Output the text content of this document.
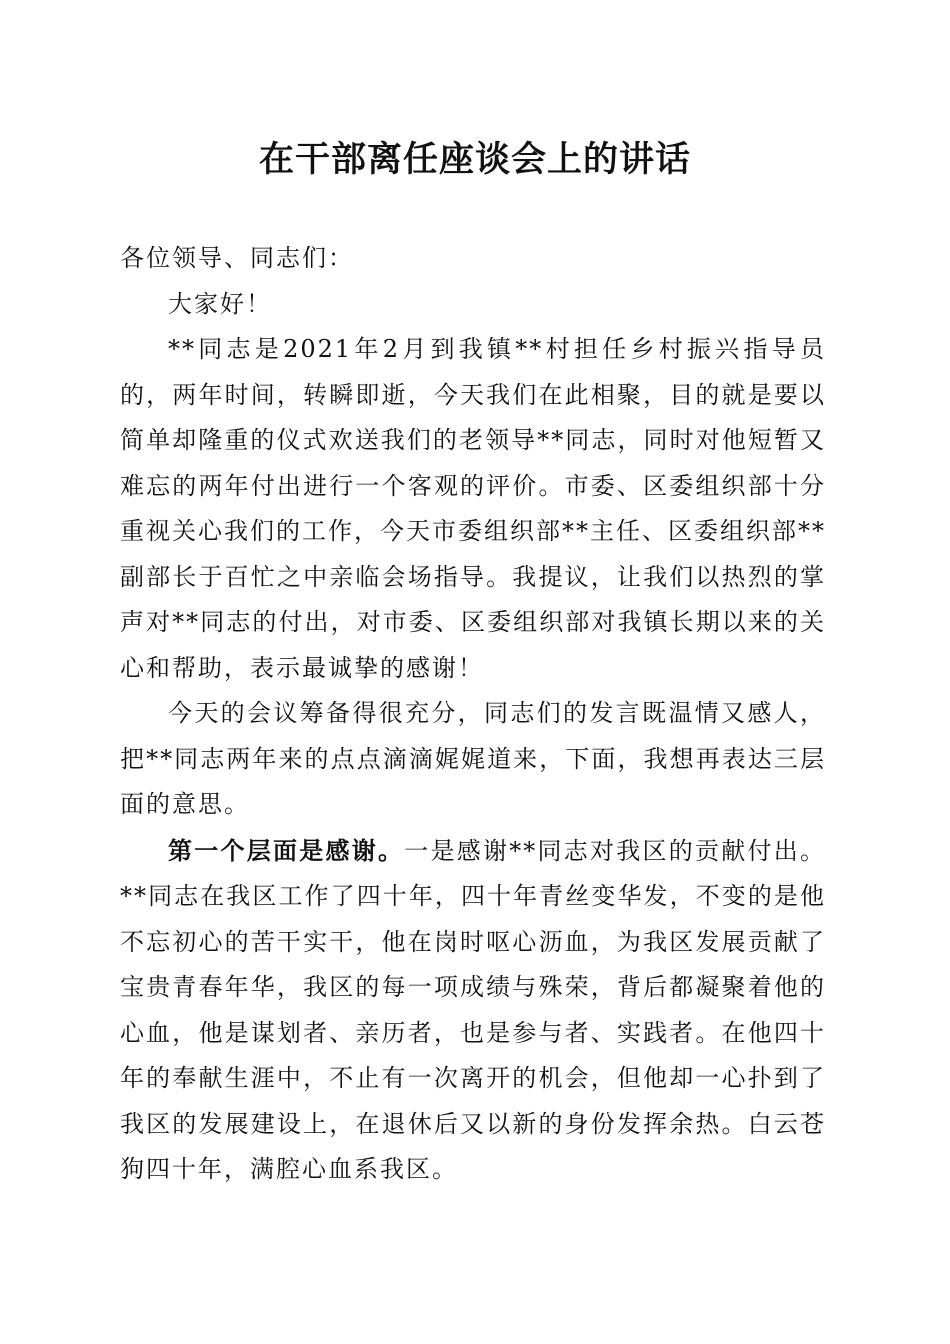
在干部离任座谈会上的讲话

各位领导、同志们：

大家好！

**同志是2021年2月到我镇**村担任乡村振兴指导员的，两年时间，转瞬即逝，今天我们在此相聚，目的就是要以简单却隆重的仪式欢送我们的老领导**同志，同时对他短暂又难忘的两年付出进行一个客观的评价。市委、区委组织部十分重视关心我们的工作，今天市委组织部**主任、区委组织部**副部长于百忙之中亲临会场指导。我提议，让我们以热烈的掌声对**同志的付出，对市委、区委组织部对我镇长期以来的关心和帮助，表示最诚挚的感谢！

今天的会议筹备得很充分，同志们的发言既温情又感人，把**同志两年来的点点滴滴娓娓道来，下面，我想再表达三层面的意思。

第一个层面是感谢。一是感谢**同志对我区的贡献付出。**同志在我区工作了四十年，四十年青丝变华发，不变的是他不忘初心的苦干实干，他在岗时呕心沥血，为我区发展贡献了宝贵青春年华，我区的每一项成绩与殊荣，背后都凝聚着他的心血，他是谋划者、亲历者，也是参与者、实践者。在他四十年的奉献生涯中，不止有一次离开的机会，但他却一心扑到了我区的发展建设上，在退休后又以新的身份发挥余热。白云苍狗四十年，满腔心血系我区。
